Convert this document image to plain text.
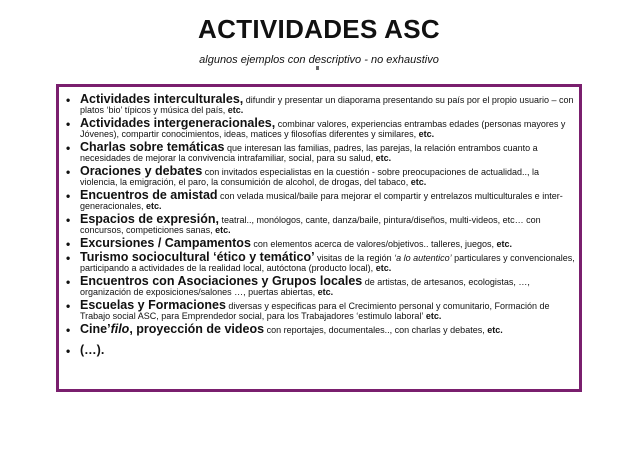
ACTIVIDADES ASC
algunos ejemplos con descriptivo - no exhaustivo
• Actividades interculturales, difundir y presentar un diaporama presentando su país por el propio usuario – con platos ‘bio’ típicos y música del país, etc.
• Actividades intergeneracionales, combinar valores, experiencias entrambas edades (personas mayores y Jóvenes), compartir conocimientos, ideas, matices y filosofías diferentes y similares, etc.
• Charlas sobre temáticas que interesan las familias, padres, las parejas, la relación entrambos cuanto a necesidades de mejorar la convivencia intrafamiliar, social, para su salud, etc.
• Oraciones y debates con invitados especialistas en la cuestión - sobre preocupaciones de actualidad.., la violencia, la emigración, el paro, la consumición de alcohol, de drogas, del tabaco, etc.
• Encuentros de amistad con velada musical/baile para mejorar el compartir y entrelazos multiculturales e inter-generacionales, etc.
• Espacios de expresión, teatral.., monólogos, cante, danza/baile, pintura/diseños, multi-videos, etc… con concursos, competiciones sanas, etc.
• Excursiones / Campamentos con elementos acerca de valores/objetivos.. talleres, juegos, etc.
• Turismo sociocultural ‘ético y temático’ visitas de la región ‘a lo autentico’ particulares y convencionales, participando a actividades de la realidad local, autóctona (producto local), etc.
• Encuentros con Asociaciones y Grupos locales de artistas, de artesanos, ecologistas, …, organización de exposiciones/salones …, puertas abiertas, etc.
• Escuelas y Formaciones diversas y especificas para el Crecimiento personal y comunitario, Formación de Trabajo social ASC, para Emprendedor social, para los Trabajadores ‘estimulo laboral’ etc.
• Cine’filo, proyección de videos con reportajes, documentales.., con charlas y debates, etc.
• (…).
